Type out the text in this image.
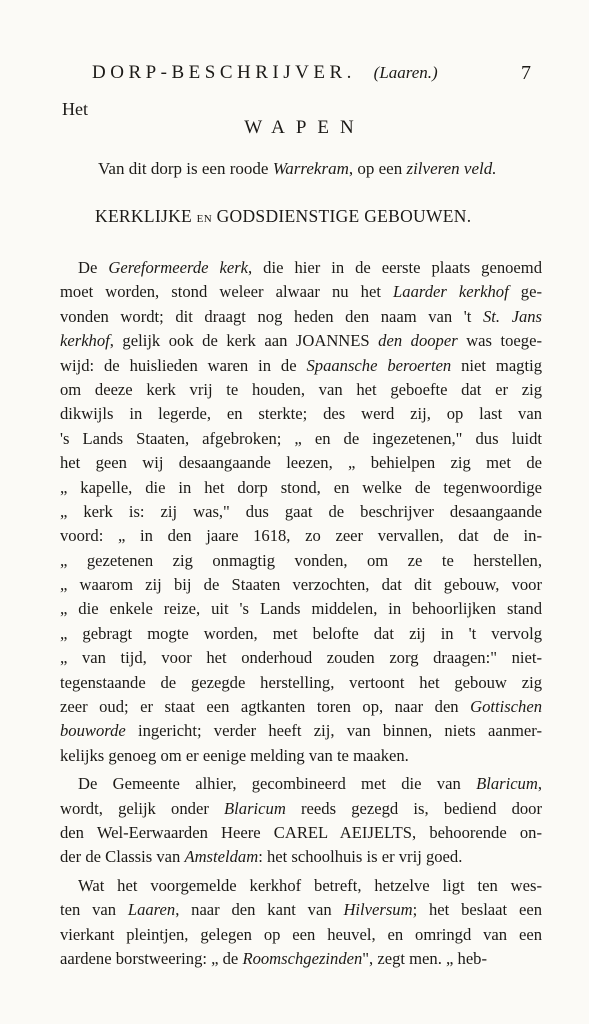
DORP-BESCHRIJVER. (Laaren.)	7
Het
WAPEN
Van dit dorp is een roode Warrekram, op een zilveren veld.
KERKLIJKE EN GODSDIENSTIGE GEBOUWEN.
De Gereformeerde kerk, die hier in de eerste plaats genoemd
moet worden, stond weleer alwaar nu het Laarder kerkhof ge-
vonden wordt; dit draagt nog heden den naam van 't St. Jans
kerkhof, gelijk ook de kerk aan JOANNES den dooper was toege-
wijd: de huislieden waren in de Spaansche beroerten niet magtig
om deeze kerk vrij te houden, van het geboefte dat er zig
dikwijls in legerde, en sterkte; des werd zij, op last van
's Lands Staaten, afgebroken; „ en de ingezetenen," dus luidt
het geen wij desaangaande leezen, „ behielpen zig met de
„ kapelle, die in het dorp stond, en welke de tegenwoordige
„ kerk is: zij was," dus gaat de beschrijver desaangaande
voord: „ in den jaare 1618, zo zeer vervallen, dat de in-
„ gezetenen zig onmagtig vonden, om ze te herstellen,
„ waarom zij bij de Staaten verzochten, dat dit gebouw, voor
„ die enkele reize, uit 's Lands middelen, in behoorlijken stand
„ gebragt mogte worden, met belofte dat zij in 't vervolg
„ van tijd, voor het onderhoud zouden zorg draagen:" niet-
tegenstaande de gezegde herstelling, vertoont het gebouw zig
zeer oud; er staat een agtkanten toren op, naar den Gottischen
bouworde ingericht; verder heeft zij, van binnen, niets aanmer-
kelijks genoeg om er eenige melding van te maaken.
De Gemeente alhier, gecombineerd met die van Blaricum,
wordt, gelijk onder Blaricum reeds gezegd is, bediend door
den Wel-Eerwaarden Heere CAREL AEIJELTS, behoorende on-
der de Classis van Amsteldam: het schoolhuis is er vrij goed.
Wat het voorgemelde kerkhof betreft, hetzelve ligt ten wes-
ten van Laaren, naar den kant van Hilversum; het beslaat een
vierkant pleintjen, gelegen op een heuvel, en omringd van een
aardene borstweering: „ de Roomschgezinden", zegt men. „ heb-
